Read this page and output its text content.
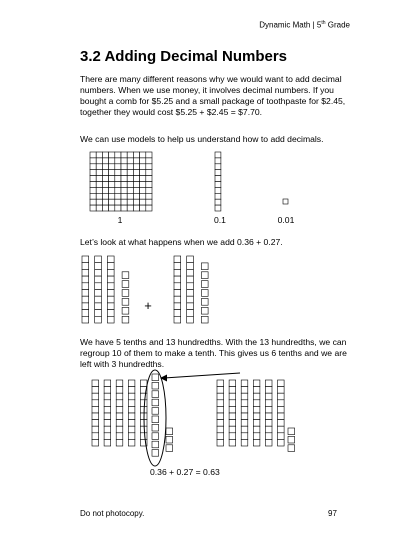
Dynamic Math | 5th Grade
3.2 Adding Decimal Numbers
There are many different reasons why we would want to add decimal numbers. When we use money, it involves decimal numbers. If you bought a comb for $5.25 and a small package of toothpaste for $2.45, together they would cost $5.25 + $2.45 = $7.70.
We can use models to help us understand how to add decimals.
Let’s look at what happens when we add 0.36 + 0.27.
We have 5 tenths and 13 hundredths. With the 13 hundredths, we can regroup 10 of them to make a tenth. This gives us 6 tenths and we are left with 3 hundredths.
+
1	0.1	0.01
0.36 + 0.27 = 0.63
Do not photocopy.	97
